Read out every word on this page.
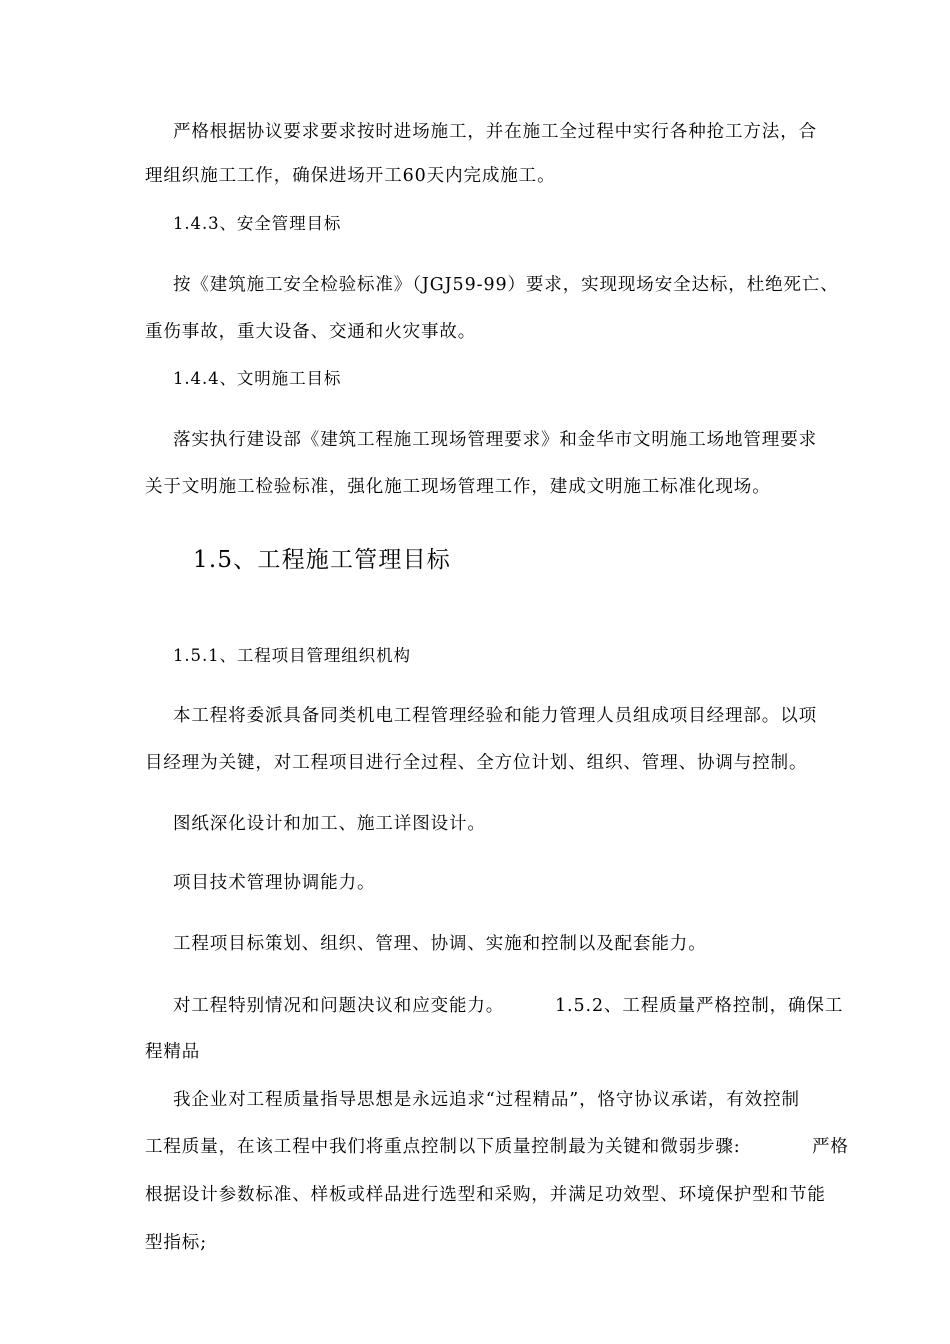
严格根据协议要求要求按时进场施工，并在施工全过程中实行各种抢工方法，合
理组织施工工作，确保进场开工60天内完成施工。
1.4.3、安全管理目标
按《建筑施工安全检验标准》（JGJ59-99）要求，实现现场安全达标，杜绝死亡、
重伤事故，重大设备、交通和火灾事故。
1.4.4、文明施工目标
落实执行建设部《建筑工程施工现场管理要求》和金华市文明施工场地管理要求
关于文明施工检验标准，强化施工现场管理工作，建成文明施工标准化现场。
1.5、工程施工管理目标
1.5.1、工程项目管理组织机构
本工程将委派具备同类机电工程管理经验和能力管理人员组成项目经理部。以项
目经理为关键，对工程项目进行全过程、全方位计划、组织、管理、协调与控制。
图纸深化设计和加工、施工详图设计。
项目技术管理协调能力。
工程项目标策划、组织、管理、协调、实施和控制以及配套能力。
对工程特别情况和问题决议和应变能力。	1.5.2、工程质量严格控制，确保工
程精品
我企业对工程质量指导思想是永远追求“过程精品”，恪守协议承诺，有效控制
工程质量，在该工程中我们将重点控制以下质量控制最为关键和微弱步骤:	严格
根据设计参数标准、样板或样品进行选型和采购，并满足功效型、环境保护型和节能
型指标;
